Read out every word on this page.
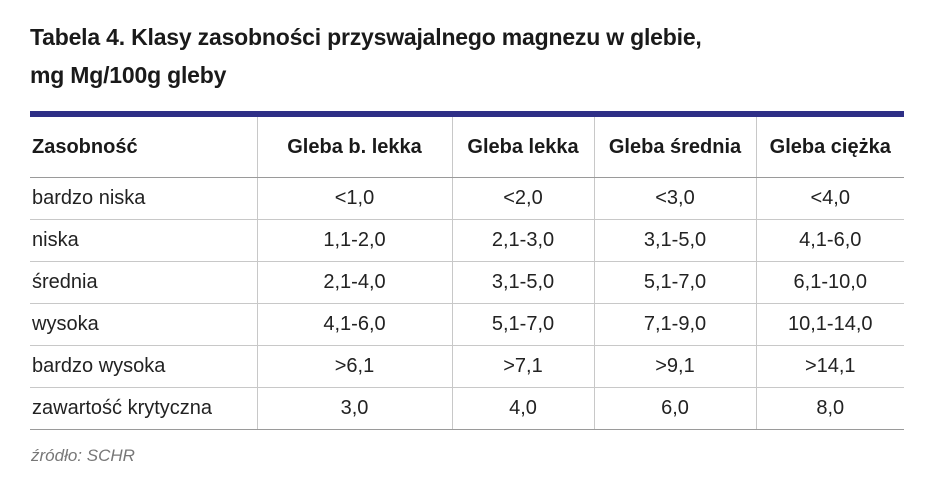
Tabela 4. Klasy zasobności przyswajalnego magnezu w glebie,
mg Mg/100g gleby
Zasobność	Gleba b. lekka	Gleba lekka	Gleba średnia	Gleba ciężka
bardzo niska	<1,0	<2,0	<3,0	<4,0
niska	1,1-2,0	2,1-3,0	3,1-5,0	4,1-6,0
średnia	2,1-4,0	3,1-5,0	5,1-7,0	6,1-10,0
wysoka	4,1-6,0	5,1-7,0	7,1-9,0	10,1-14,0
bardzo wysoka	>6,1	>7,1	>9,1	>14,1
zawartość krytyczna	3,0	4,0	6,0	8,0
źródło: SCHR
